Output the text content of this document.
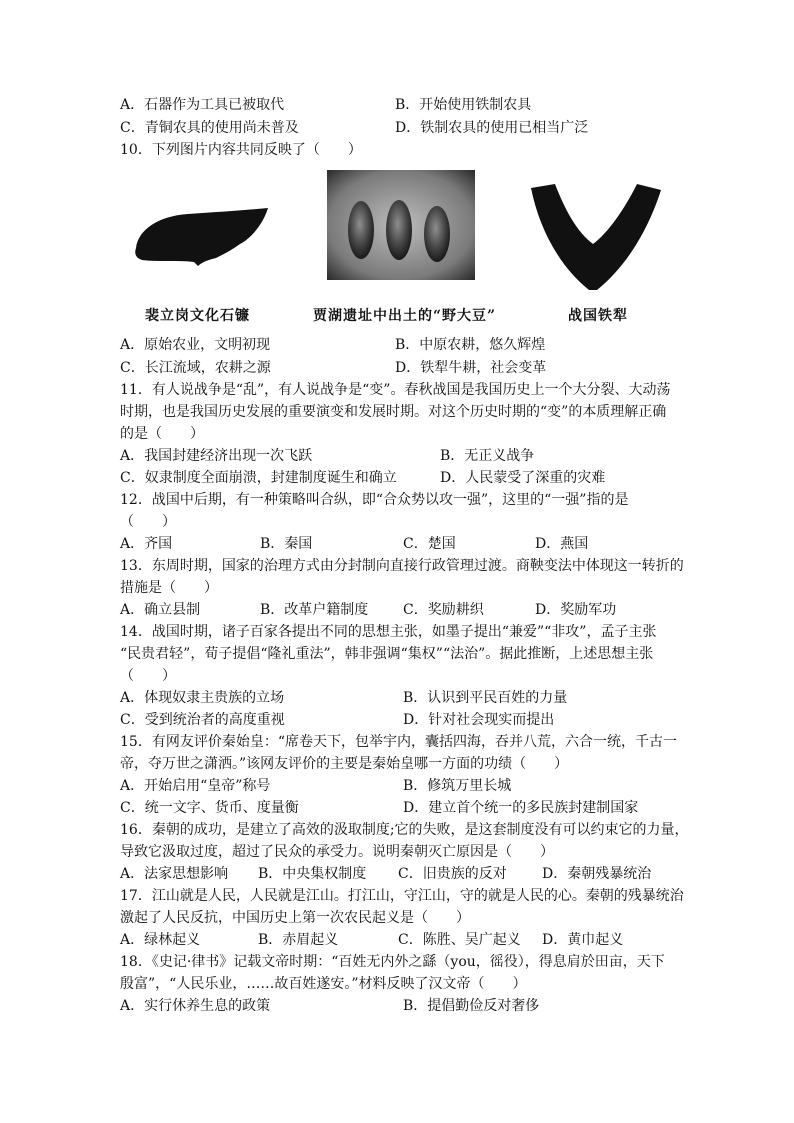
A．石器作为工具已被取代	B．开始使用铁制农具
C．青铜农具的使用尚未普及	D．铁制农具的使用已相当广泛
10．下列图片内容共同反映了（　　）
裴立岗文化石镰	贾湖遗址中出土的“野大豆”	战国铁犁
A．原始农业，文明初现	B．中原农耕，悠久辉煌
C．长江流域，农耕之源	D．铁犁牛耕，社会变革
11．有人说战争是“乱”，有人说战争是“变”。春秋战国是我国历史上一个大分裂、大动荡
时期，也是我国历史发展的重要演变和发展时期。对这个历史时期的“变”的本质理解正确
的是（　　）
A．我国封建经济出现一次飞跃	B．无正义战争
C．奴隶制度全面崩溃，封建制度诞生和确立	D．人民蒙受了深重的灾难
12．战国中后期，有一种策略叫合纵，即“合众势以攻一强”，这里的“一强”指的是
（　　）
A．齐国	B．秦国	C．楚国	D．燕国
13．东周时期，国家的治理方式由分封制向直接行政管理过渡。商鞅变法中体现这一转折的
措施是（　　）
A．确立县制	B．改革户籍制度 C．奖励耕织	D．奖励军功
14．战国时期，诸子百家各提出不同的思想主张，如墨子提出“兼爱”“非攻”，孟子主张
“民贵君轻”，荀子提倡“隆礼重法”，韩非强调“集权”“法治”。据此推断，上述思想主张
（　　）
A．体现奴隶主贵族的立场	B．认识到平民百姓的力量
C．受到统治者的高度重视	D．针对社会现实而提出
15．有网友评价秦始皇：“席卷天下，包举宇内，囊括四海，吞并八荒，六合一统，千古一
帝，夺万世之潇洒。”该网友评价的主要是秦始皇哪一方面的功绩（　　）
A．开始启用“皇帝”称号	B．修筑万里长城
C．统一文字、货币、度量衡	D．建立首个统一的多民族封建制国家
16．秦朝的成功，是建立了高效的汲取制度;它的失败，是这套制度没有可以约束它的力量，
导致它汲取过度，超过了民众的承受力。说明秦朝灭亡原因是（　　）
A．法家思想影响 B．中央集权制度 C．旧贵族的反对	D．秦朝残暴统治
17．江山就是人民，人民就是江山。打江山，守江山，守的就是人民的心。秦朝的残暴统治
激起了人民反抗，中国历史上第一次农民起义是（　　）
A．绿林起义	B．赤眉起义	C．陈胜、吴广起义 D．黄巾起义
18．《史记·律书》记载文帝时期：“百姓无内外之繇（you，徭役），得息肩於田亩，天下
殷富”，“人民乐业，……故百姓遂安。”材料反映了汉文帝（　　）
A．实行休养生息的政策	B．提倡勤俭反对奢侈
